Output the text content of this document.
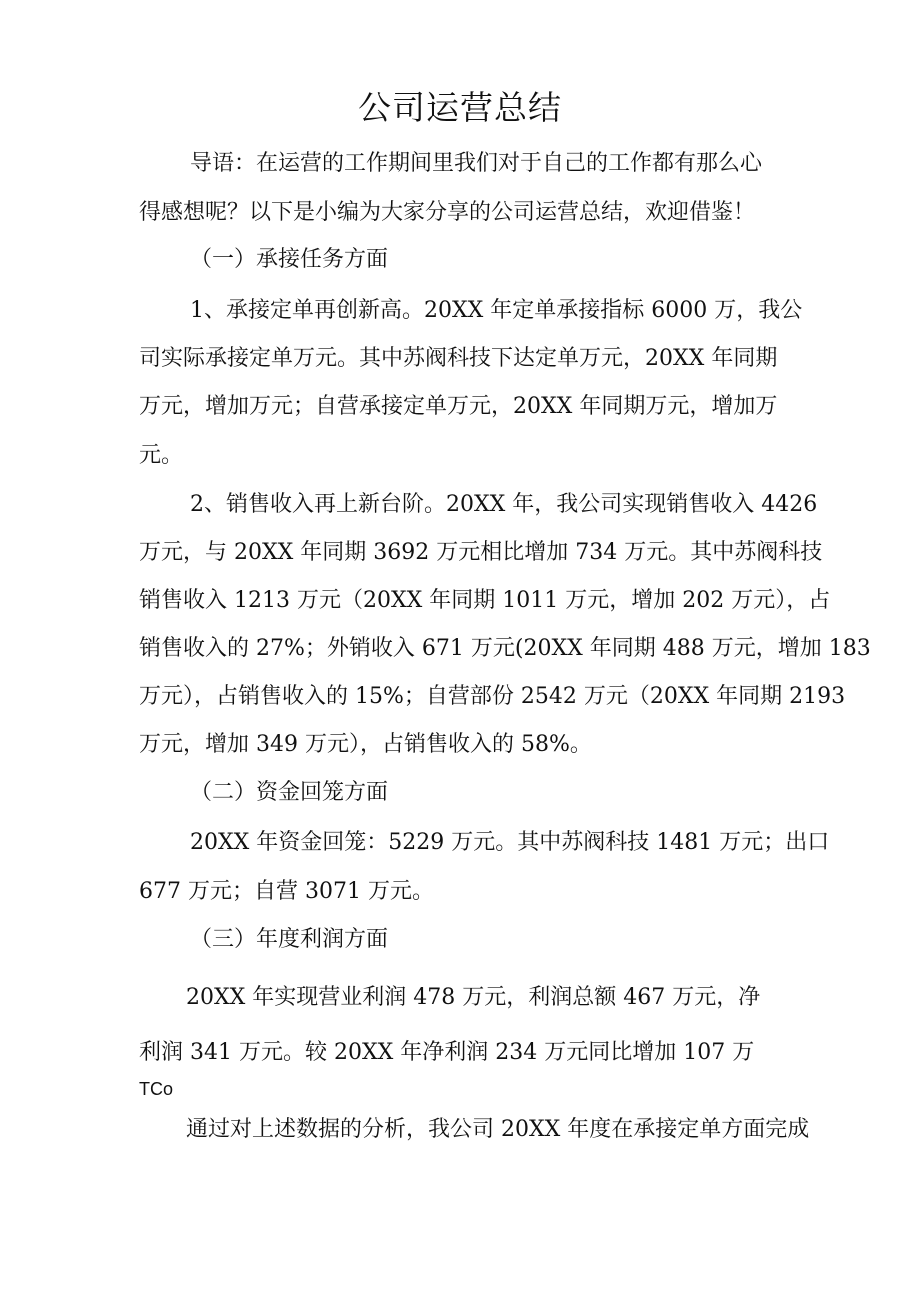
公司运营总结
导语：在运营的工作期间里我们对于自己的工作都有那么心
得感想呢？以下是小编为大家分享的公司运营总结，欢迎借鉴！
（一）承接任务方面
1、承接定单再创新高。20XX 年定单承接指标 6000 万，我公
司实际承接定单万元。其中苏阀科技下达定单万元，20XX 年同期
万元，增加万元；自营承接定单万元，20XX 年同期万元，增加万
元。
2、销售收入再上新台阶。20XX 年，我公司实现销售收入 4426
万元，与 20XX 年同期 3692 万元相比增加 734 万元。其中苏阀科技
销售收入 1213 万元（20XX 年同期 1011 万元，增加 202 万元），占
销售收入的 27%；外销收入 671 万元(20XX 年同期 488 万元，增加 183
万元），占销售收入的 15%；自营部份 2542 万元（20XX 年同期 2193
万元，增加 349 万元），占销售收入的 58%。
（二）资金回笼方面
20XX 年资金回笼：5229 万元。其中苏阀科技 1481 万元；出口
677 万元；自营 3071 万元。
（三）年度利润方面
20XX 年实现营业利润 478 万元，利润总额 467 万元，净
利润 341 万元。较 20XX 年净利润 234 万元同比增加 107 万
TCo
通过对上述数据的分析，我公司 20XX 年度在承接定单方面完成
